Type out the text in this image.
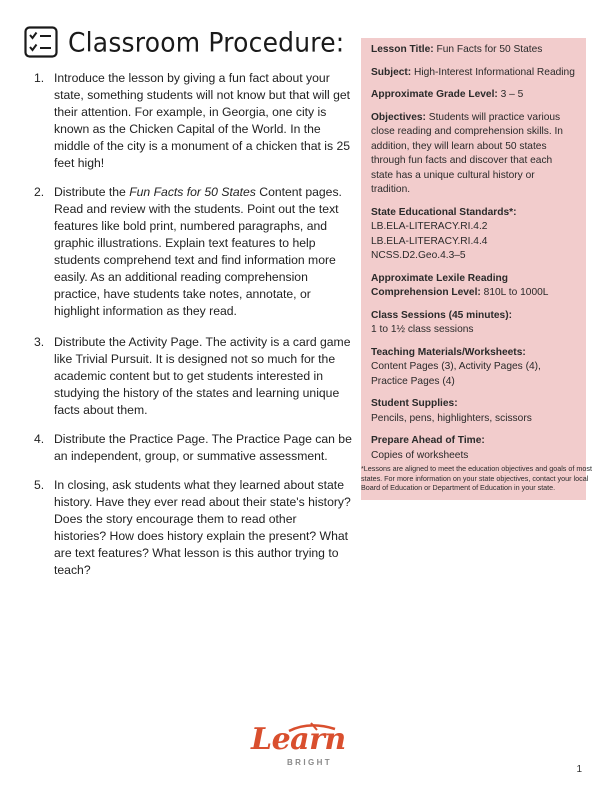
Classroom Procedure:
1. Introduce the lesson by giving a fun fact about your state, something students will not know but that will get their attention. For example, in Georgia, one city is known as the Chicken Capital of the World. In the middle of the city is a monument of a chicken that is 25 feet high!
2. Distribute the Fun Facts for 50 States Content pages. Read and review with the students. Point out the text features like bold print, numbered paragraphs, and graphic illustrations. Explain text features to help students comprehend text and find information more easily. As an additional reading comprehension practice, have students take notes, annotate, or highlight information as they read.
3. Distribute the Activity Page. The activity is a card game like Trivial Pursuit. It is designed not so much for the academic content but to get students interested in studying the history of the states and learning unique facts about them.
4. Distribute the Practice Page. The Practice Page can be an independent, group, or summative assessment.
5. In closing, ask students what they learned about state history. Have they ever read about their state's history? Does the story encourage them to read other histories? How does history explain the present? What are text features? What lesson is this author trying to teach?
Lesson Title: Fun Facts for 50 States
Subject: High-Interest Informational Reading
Approximate Grade Level: 3 – 5
Objectives: Students will practice various close reading and comprehension skills. In addition, they will learn about 50 states through fun facts and discover that each state has a unique cultural history or tradition.
State Educational Standards*:
LB.ELA-LITERACY.RI.4.2
LB.ELA-LITERACY.RI.4.4
NCSS.D2.Geo.4.3–5
Approximate Lexile Reading Comprehension Level: 810L to 1000L
Class Sessions (45 minutes):
1 to 1½ class sessions
Teaching Materials/Worksheets:
Content Pages (3), Activity Pages (4), Practice Pages (4)
Student Supplies:
Pencils, pens, highlighters, scissors
Prepare Ahead of Time:
Copies of worksheets

*Lessons are aligned to meet the education objectives and goals of most states. For more information on your state objectives, contact your local Board of Education or Department of Education in your state.

Learn
BRIGHT
1
